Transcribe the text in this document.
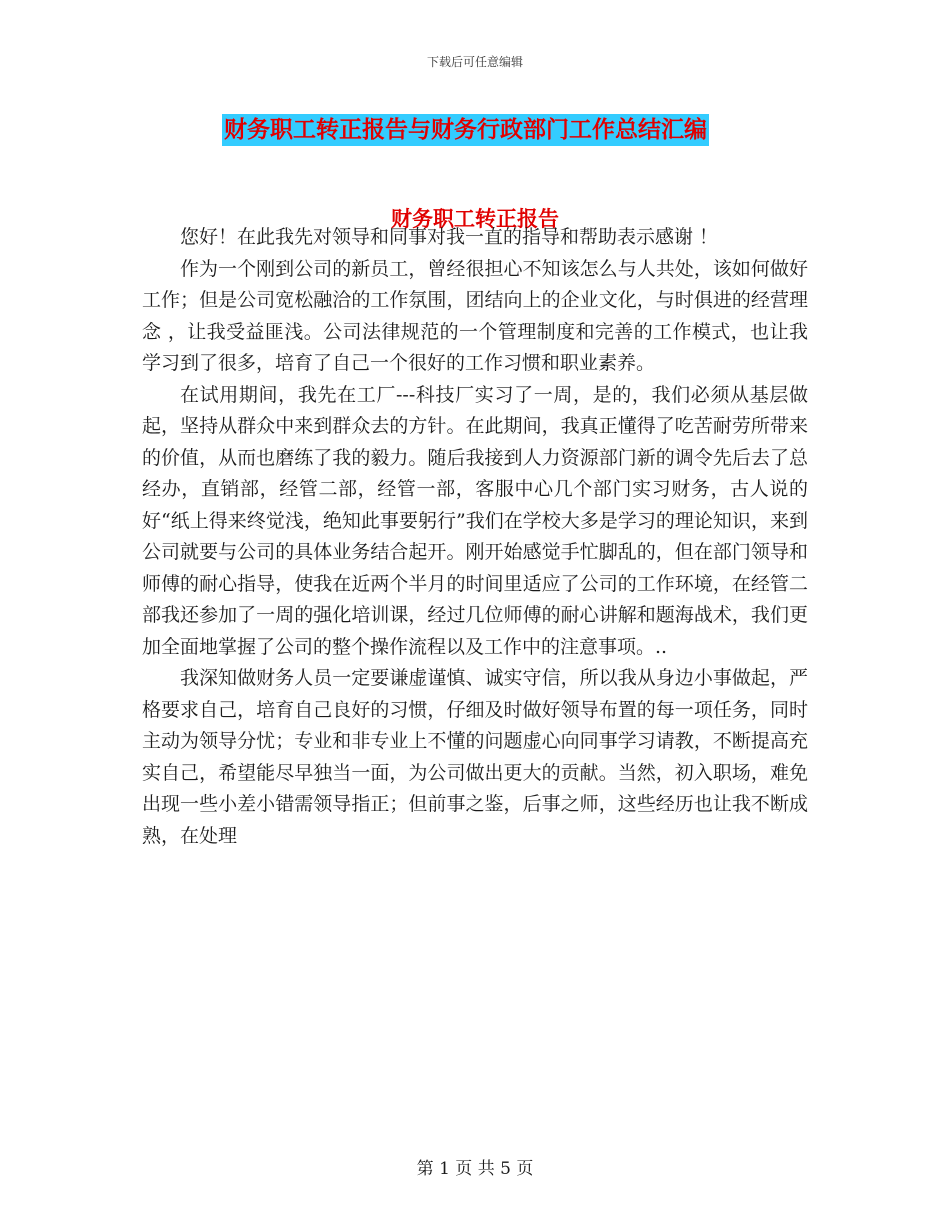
下载后可任意编辑
财务职工转正报告与财务行政部门工作总结汇编
财务职工转正报告

您好！在此我先对领导和同事对我一直的指导和帮助表示感谢 ！

作为一个刚到公司的新员工，曾经很担心不知该怎么与人共处，该如何做好工作；但是公司宽松融洽的工作氛围，团结向上的企业文化，与时俱进的经营理念 ，让我受益匪浅。公司法律规范的一个管理制度和完善的工作模式，也让我学习到了很多，培育了自己一个很好的工作习惯和职业素养。

在试用期间，我先在工厂---科技厂实习了一周，是的，我们必须从基层做起，坚持从群众中来到群众去的方针。在此期间，我真正懂得了吃苦耐劳所带来的价值，从而也磨练了我的毅力。随后我接到人力资源部门新的调令先后去了总经办，直销部，经管二部，经管一部，客服中心几个部门实习财务，古人说的好“纸上得来终觉浅，绝知此事要躬行”我们在学校大多是学习的理论知识，来到公司就要与公司的具体业务结合起开。刚开始感觉手忙脚乱的，但在部门领导和师傅的耐心指导，使我在近两个半月的时间里适应了公司的工作环境，在经管二部我还参加了一周的强化培训课，经过几位师傅的耐心讲解和题海战术，我们更加全面地掌握了公司的整个操作流程以及工作中的注意事项。..

我深知做财务人员一定要谦虚谨慎、诚实守信，所以我从身边小事做起，严格要求自己，培育自己良好的习惯，仔细及时做好领导布置的每一项任务，同时主动为领导分忧；专业和非专业上不懂的问题虚心向同事学习请教，不断提高充实自己，希望能尽早独当一面，为公司做出更大的贡献。当然，初入职场，难免出现一些小差小错需领导指正；但前事之鉴，后事之师，这些经历也让我不断成熟，在处理

第 1 页 共 5 页
